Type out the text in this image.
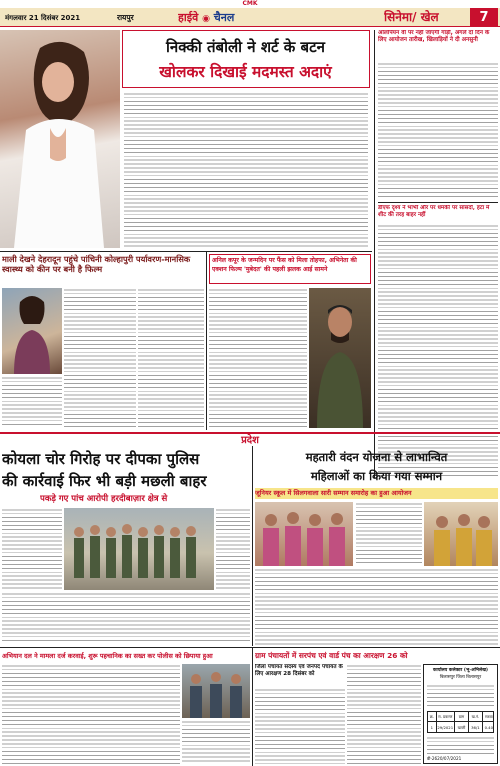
CMK
मंगलवार 21 दिसंबर 2021	रायपुर	हाईवे ◉ चैनल	सिनेमा/ खेल	7
निक्की तंबोली ने शर्ट के बटन
खोलकर दिखाई मदमस्त अदाएं
ओलंपियन वी पर नहीं जाएगी गाड़ी, अगले दो दिन के लिए आयोजन तारीख, खिलाड़ियों ने दी अनसुनी
डीएफ दृश्य ने भाभी और पर धमकी पर सांसदों, हटा में शीट की तरह बाहर नहीं
माली देखने देहरादून पहुंचे पांचिनी कोल्हापुरी पर्यावरण-मानसिक स्वास्थ्य को कीन पर बनी है फिल्म
अनिल कपूर के जन्मदिन पर फैंस को मिला तोहफा, अभिनेता की एक्शन फिल्म 'मुबेदत' की पहली झलक आई सामने
प्रदेश
कोयला चोर गिरोह पर दीपका पुलिस
की कार्रवाई फिर भी बड़ी मछली बाहर
पकड़े गए पांच आरोपी हरदीबाज़ार क्षेत्र से
महतारी वंदन योजना से लाभान्वित
महिलाओं का किया गया सम्मान
जूनियर स्कूल में सिलगवाला सारी सम्मान समारोह का हुआ आयोजन
अभियान दल ने मामला दर्ज करवाई, शुरू पहचानिक का सख्त कर पोलीस को छिपाया हुआ	ग्राम पंचायतों में सरपंच एवं वार्ड पंच का आरक्षण 26 को
जिला पंचायत सदस्य एवं जनपद पंचायत के लिए आरक्षण 28 दिसंबर को
कार्यालय कलेक्टर (भू-अभिलेख)
बिलासपुर जिला बिलासपुर
क्र.	रा. प्रकरण	ग्राम	ख.नं.	रकबा
1	29/2021	खपरी	36/1	0.40
डी-2620/07/2021
